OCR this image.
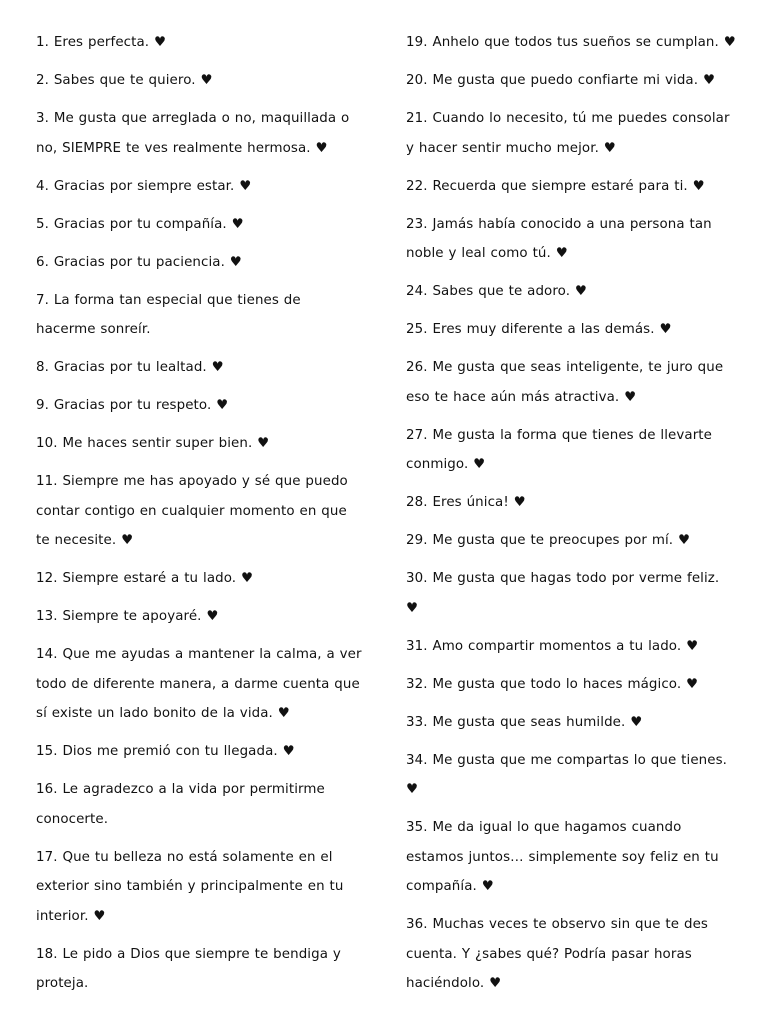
1. Eres perfecta. ♥

2. Sabes que te quiero. ♥

3. Me gusta que arreglada o no, maquillada o no, SIEMPRE te ves realmente hermosa. ♥

4. Gracias por siempre estar. ♥

5. Gracias por tu compañía. ♥

6. Gracias por tu paciencia. ♥

7. La forma tan especial que tienes de hacerme sonreír.

8. Gracias por tu lealtad. ♥

9. Gracias por tu respeto. ♥

10. Me haces sentir super bien. ♥

11. Siempre me has apoyado y sé que puedo contar contigo en cualquier momento en que te necesite. ♥

12. Siempre estaré a tu lado. ♥

13. Siempre te apoyaré. ♥

14. Que me ayudas a mantener la calma, a ver todo de diferente manera, a darme cuenta que sí existe un lado bonito de la vida. ♥

15. Dios me premió con tu llegada. ♥

16. Le agradezco a la vida por permitirme conocerte.

17. Que tu belleza no está solamente en el exterior sino también y principalmente en tu interior. ♥

18. Le pido a Dios que siempre te bendiga y proteja.

19. Anhelo que todos tus sueños se cumplan. ♥

20. Me gusta que puedo confiarte mi vida. ♥

21. Cuando lo necesito, tú me puedes consolar y hacer sentir mucho mejor. ♥

22. Recuerda que siempre estaré para ti. ♥

23. Jamás había conocido a una persona tan noble y leal como tú. ♥

24. Sabes que te adoro. ♥

25. Eres muy diferente a las demás. ♥

26. Me gusta que seas inteligente, te juro que eso te hace aún más atractiva. ♥

27. Me gusta la forma que tienes de llevarte conmigo. ♥

28. Eres única! ♥

29. Me gusta que te preocupes por mí. ♥

30. Me gusta que hagas todo por verme feliz. ♥

31. Amo compartir momentos a tu lado. ♥

32. Me gusta que todo lo haces mágico. ♥

33. Me gusta que seas humilde. ♥

34. Me gusta que me compartas lo que tienes. ♥

35. Me da igual lo que hagamos cuando estamos juntos… simplemente soy feliz en tu compañía. ♥

36. Muchas veces te observo sin que te des cuenta. Y ¿sabes qué? Podría pasar horas haciéndolo. ♥
